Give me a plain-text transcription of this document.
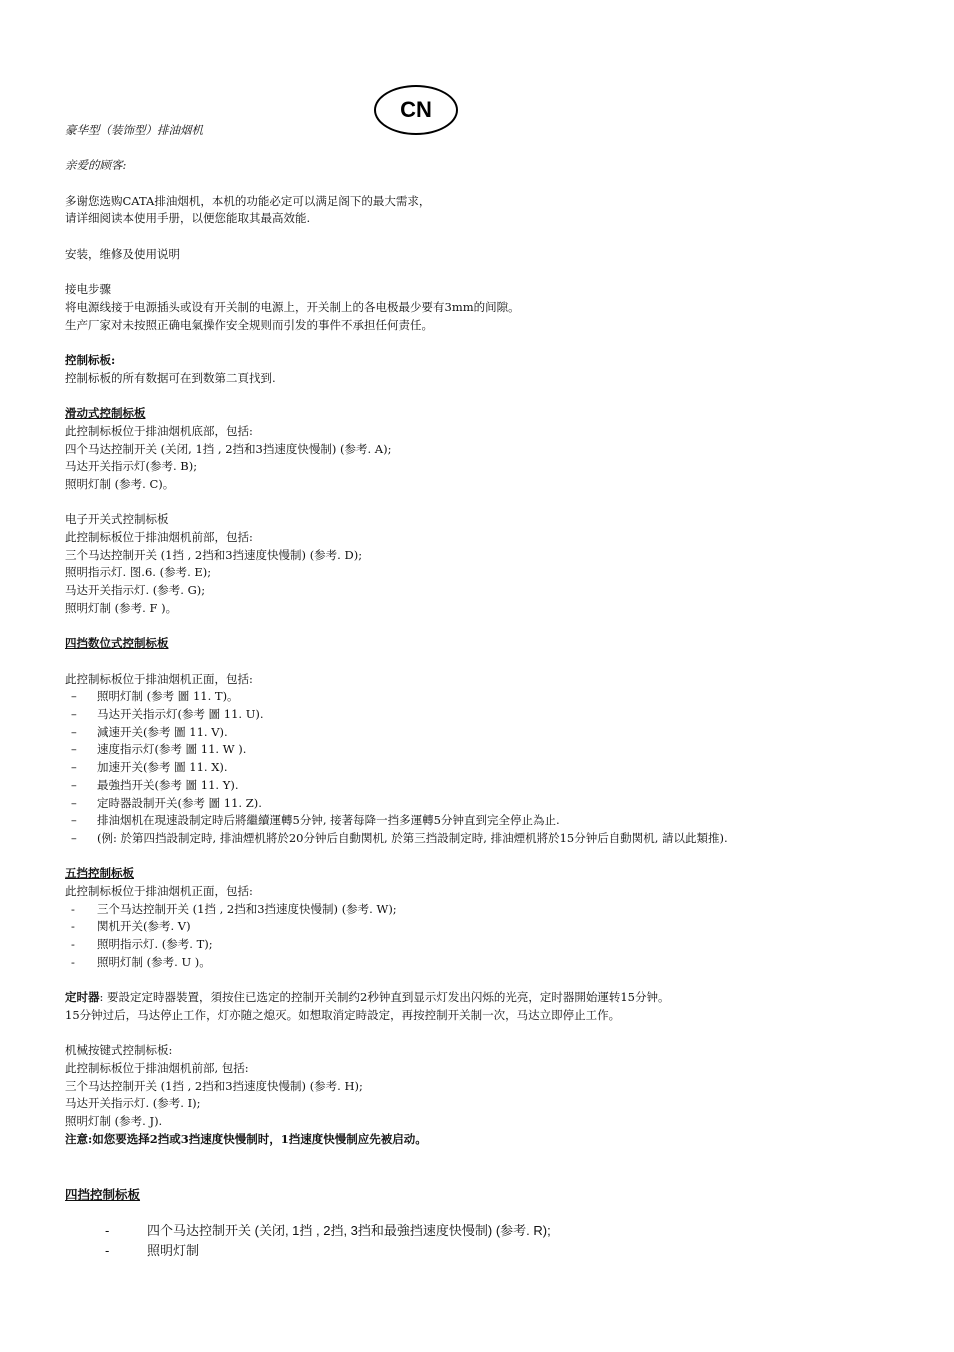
CN

豪华型（装饰型）排油烟机

亲爱的顾客:

多谢您选购CATA排油烟机，本机的功能必定可以满足阁下的最大需求，

请详细阅读本使用手册，以便您能取其最高效能.

安装，维修及使用说明

接电步骤

将电源线接于电源插头或设有开关制的电源上，开关制上的各电极最少要有3mm的间隙。

生产厂家对未按照正确电氣操作安全规则而引发的事件不承担任何责任。

控制标板:

控制标板的所有数据可在到数第二頁找到.

滑动式控制标板

此控制标板位于排油烟机底部，包括:

四个马达控制开关 (关闭, 1挡 , 2挡和3挡速度快慢制) (参考. A);

马达开关指示灯(参考. B);

照明灯制 (参考. C)。

电子开关式控制标板

此控制标板位于排油烟机前部，包括:

三个马达控制开关 (1挡 , 2挡和3挡速度快慢制) (参考. D);

照明指示灯. 图.6. (参考. E);

马达开关指示灯. (参考. G);

照明灯制 (参考. F )。

四挡数位式控制标板

此控制标板位于排油烟机正面，包括:

–	照明灯制 (参考 圖 11. T)。
–	马达开关指示灯(参考 圖 11. U).
–	減速开关(参考 圖 11. V).
–	速度指示灯(参考 圖 11. W ).
–	加速开关(参考 圖 11. X).
–	最強挡开关(参考 圖 11. Y).
–	定時器設制开关(参考 圖 11. Z).
–	排油烟机在現速設制定時后將繼續運轉5分钟, 接著每降一挡多運轉5分钟直到完全停止為止.
–	(例: 於第四挡設制定時, 排油煙机將於20分钟后自動関机, 於第三挡設制定時, 排油煙机將於15分钟后自動関机, 請以此類推).

五挡控制标板

此控制标板位于排油烟机正面，包括:

-	三个马达控制开关 (1挡 , 2挡和3挡速度快慢制) (参考. W);
-	関机开关(参考. V)
-	照明指示灯. (参考. T);
-	照明灯制 (参考. U )。

定时器: 要設定定時器裝置，須按住已选定的控制开关制约2秒钟直到显示灯发出闪烁的光亮，定时器開始運转15分钟。

15分钟过后，马达停止工作，灯亦随之熄灭。如想取消定時設定，再按控制开关制一次，马达立即停止工作。

机械按键式控制标板:

此控制标板位于排油烟机前部, 包括:

三个马达控制开关 (1挡 , 2挡和3挡速度快慢制) (参考. H);

马达开关指示灯. (参考. I);

照明灯制 (参考. J).

注意:如您要选择2挡或3挡速度快慢制时，1挡速度快慢制应先被启动。

四挡控制标板
-	四个马达控制开关 (关闭, 1挡 , 2挡, 3挡和最強挡速度快慢制) (参考. R);
-	照明灯制
